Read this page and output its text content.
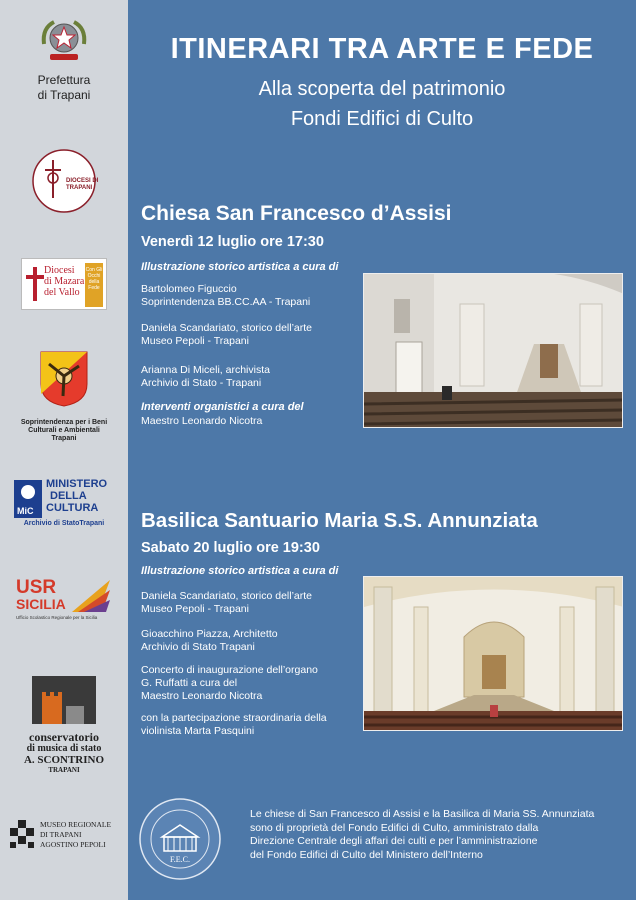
Prefettura
di Trapani
DIOCESI DI TRAPANI
Diocesi
di Mazara
del Vallo
Con Gli Occhi della Fede
Soprintendenza per i Beni
Culturali e Ambientali
Trapani
MiC
MINISTERO
DELLA
CULTURA
Archivio di StatoTrapani
USR
SICILIA
Ufficio Scolastico Regionale per la Sicilia
conservatorio
di musica di stato
A. SCONTRINO
TRAPANI
MUSEO REGIONALE
DI TRAPANI
AGOSTINO PEPOLI
ITINERARI TRA ARTE E FEDE
Alla scoperta del patrimonio
Fondi Edifici di Culto
Chiesa San Francesco d’Assisi
Venerdì 12 luglio ore 17:30
Illustrazione storico artistica a cura di
Bartolomeo Figuccio
Soprintendenza BB.CC.AA - Trapani
Daniela Scandariato, storico dell’arte
Museo Pepoli - Trapani
Arianna Di Miceli, archivista
Archivio di Stato - Trapani
Interventi organistici a cura del
Maestro Leonardo Nicotra
Basilica Santuario Maria S.S. Annunziata
Sabato 20 luglio ore 19:30
Illustrazione storico artistica a cura di
Daniela Scandariato, storico dell’arte
Museo Pepoli - Trapani
Gioacchino Piazza, Architetto
Archivio di Stato Trapani
Concerto di inaugurazione dell’organo
G. Ruffatti a cura del
Maestro Leonardo Nicotra
con la partecipazione straordinaria della
violinista Marta Pasquini
F.E.C.
Le chiese di San Francesco di Assisi e la Basilica di Maria SS. Annunziata
sono di proprietà del Fondo Edifici di Culto, amministrato dalla
Direzione Centrale degli affari dei culti e per l’amministrazione
del Fondo Edifici di Culto del Ministero dell’Interno
